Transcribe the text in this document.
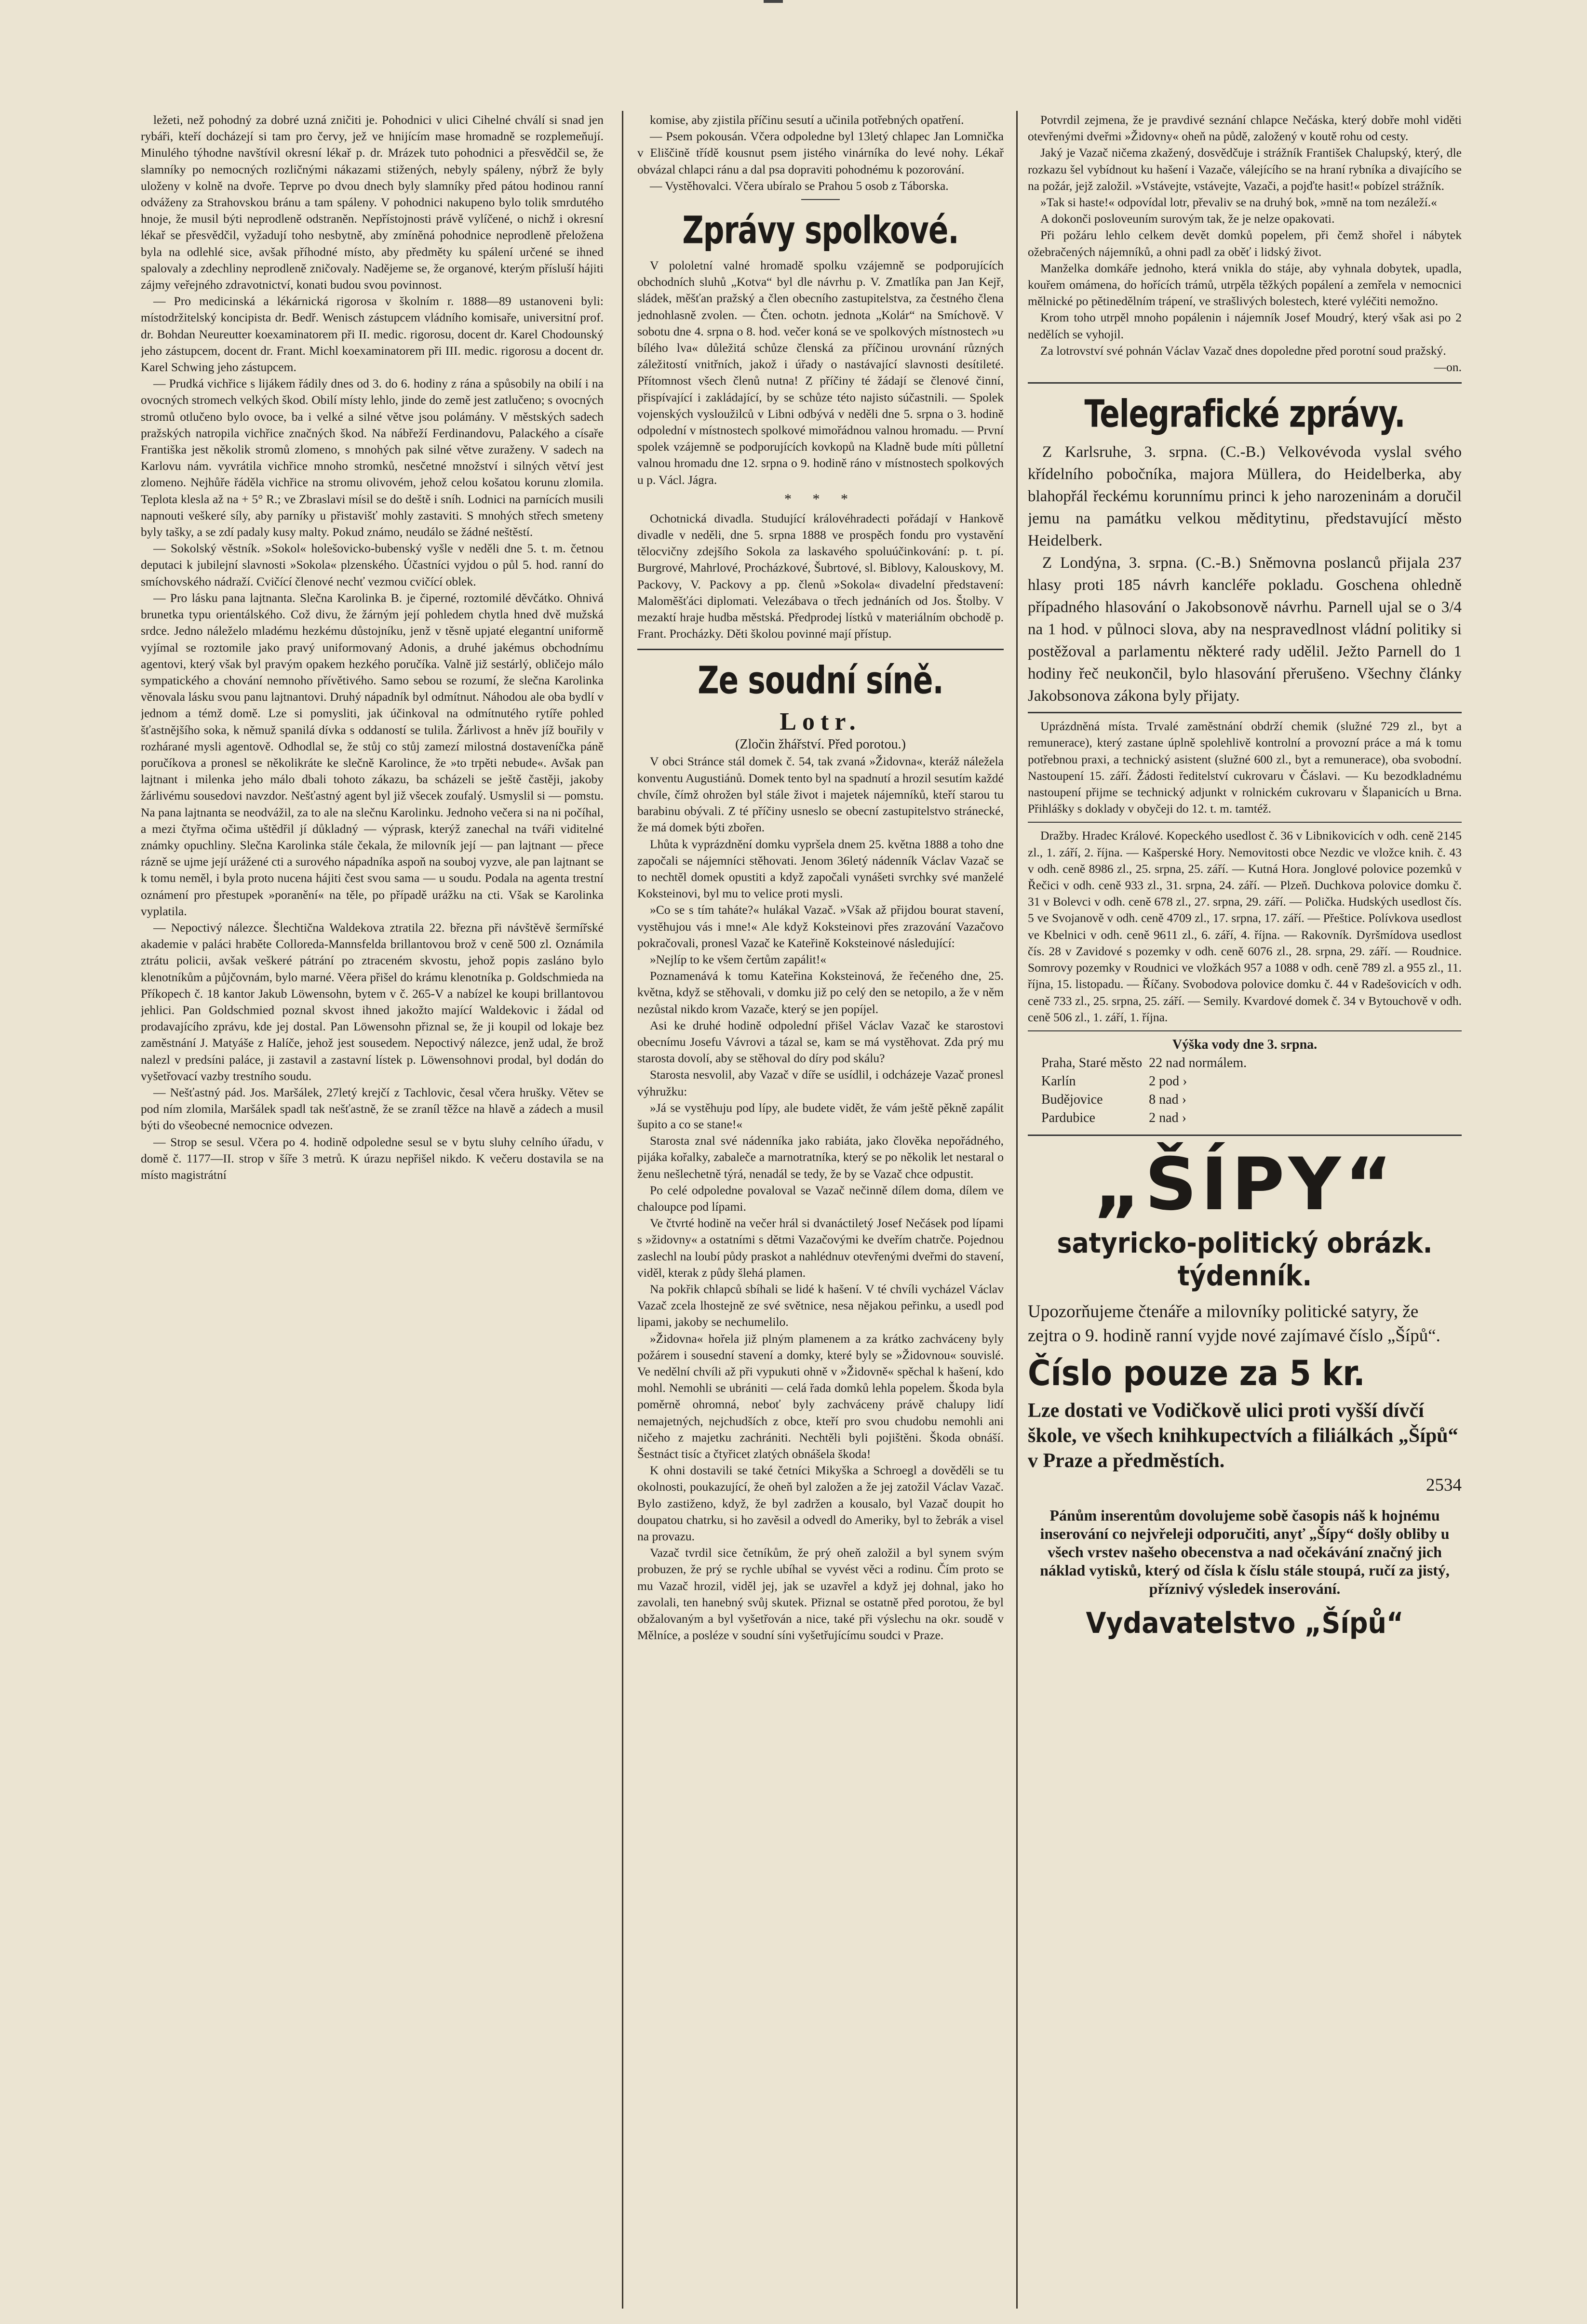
ležeti, než pohodný za dobré uzná zničiti je. Pohodnici v ulici Cihelné chválí si snad jen rybáři, kteří docházejí si tam pro červy, jež ve hnijícím mase hromadně se rozplemeňují. Minulého týhodne navštívil okresní lékař p. dr. Mrázek tuto pohodnici a přesvědčil se, že slamníky po nemocných rozličnými nákazami stižených, nebyly spáleny, nýbrž že byly uloženy v kolně na dvoře. Teprve po dvou dnech byly slamníky před pátou hodinou ranní odváženy za Strahovskou bránu a tam spáleny. V pohodnici nakupeno bylo tolik smrdutého hnoje, že musil býti neprodleně odstraněn. Nepřístojnosti právě vylíčené, o nichž i okresní lékař se přesvědčil, vyžadují toho nesbytně, aby zmíněná pohodnice neprodleně přeložena byla na odlehlé sice, avšak příhodné místo, aby předměty ku spálení určené se ihned spalovaly a zdechliny neprodleně zničovaly. Nadějeme se, že organové, kterým přísluší hájiti zájmy veřejného zdravotnictví, konati budou svou povinnost.

— Pro medicinská a lékárnická rigorosa v školním r. 1888—89 ustanoveni byli: místodržitelský koncipista dr. Bedř. Wenisch zástupcem vládního komisaře, universitní prof. dr. Bohdan Neureutter koexaminatorem při II. medic. rigorosu, docent dr. Karel Chodounský jeho zástupcem, docent dr. Frant. Michl koexaminatorem při III. medic. rigorosu a docent dr. Karel Schwing jeho zástupcem.

— Prudká vichřice s lijákem řádily dnes od 3. do 6. hodiny z rána a spůsobily na obilí i na ovocných stromech velkých škod. Obilí místy lehlo, jinde do země jest zatlučeno; s ovocných stromů otlučeno bylo ovoce, ba i velké a silné větve jsou polámány. V městských sadech pražských natropila vichřice značných škod. Na nábřeží Ferdinandovu, Palackého a císaře Františka jest několik stromů zlomeno, s mnohých pak silné větve zuraženy. V sadech na Karlovu nám. vyvrátila vichřice mnoho stromků, nesčetné množství i silných větví jest zlomeno. Nejhůře řáděla vichřice na stromu olivovém, jehož celou košatou korunu zlomila. Teplota klesla až na + 5° R.; ve Zbraslavi mísil se do deště i sníh. Lodnici na parnících musili napnouti veškeré síly, aby parníky u přistavišť mohly zastaviti. S mnohých střech smeteny byly tašky, a se zdí padaly kusy malty. Pokud známo, neudálo se žádné neštěstí.

— Sokolský věstník. »Sokol« holešovicko-bubenský vyšle v neděli dne 5. t. m. četnou deputaci k jubilejní slavnosti »Sokola« plzenského. Účastníci vyjdou o půl 5. hod. ranní do smíchovského nádraží. Cvičící členové nechť vezmou cvičící oblek.

— Pro lásku pana lajtnanta. Slečna Karolinka B. je čiperné, roztomilé děvčátko. Ohnivá brunetka typu orientálského. Což divu, že žárným její pohledem chytla hned dvě mužská srdce. Jedno náleželo mladému hezkému důstojníku, jenž v těsně upjaté elegantní uniformě vyjímal se roztomile jako pravý uniformovaný Adonis, a druhé jakémus obchodnímu agentovi, který však byl pravým opakem hezkého poručíka. Valně již sestárlý, obličejo málo sympatického a chování nemnoho přívětivého. Samo sebou se rozumí, že slečna Karolinka věnovala lásku svou panu lajtnantovi. Druhý nápadník byl odmítnut. Náhodou ale oba bydlí v jednom a témž domě. Lze si pomysliti, jak účinkoval na odmítnutého rytíře pohled šťastnějšího soka, k němuž spanilá dívka s oddaností se tulila. Žárlivost a hněv jíž bouřily v rozhárané mysli agentově. Odhodlal se, že stůj co stůj zamezí milostná dostaveníčka páně poručíkova a pronesl se několikráte ke slečně Karolince, že »to trpěti nebude«. Avšak pan lajtnant i milenka jeho málo dbali tohoto zákazu, ba scházeli se ještě častěji, jakoby žárlivému sousedovi navzdor. Nešťastný agent byl již všecek zoufalý. Usmyslil si — pomstu. Na pana lajtnanta se neodvážil, za to ale na slečnu Karolinku. Jednoho večera si na ni počíhal, a mezi čtyřma očima uštědřil jí důkladný — výprask, kterýž zanechal na tváři viditelné známky opuchliny. Slečna Karolinka stále čekala, že milovník její — pan lajtnant — přece rázně se ujme její urážené cti a surového nápadníka aspoň na souboj vyzve, ale pan lajtnant se k tomu neměl, i byla proto nucena hájiti čest svou sama — u soudu. Podala na agenta trestní oznámení pro přestupek »poranění« na těle, po případě urážku na cti. Však se Karolinka vyplatila.

— Nepoctivý nálezce. Šlechtična Waldekova ztratila 22. března při návštěvě šermířské akademie v paláci hraběte Colloreda-Mannsfelda brillantovou brož v ceně 500 zl. Oznámila ztrátu policii, avšak veškeré pátrání po ztraceném skvostu, jehož popis zasláno bylo klenotníkům a půjčovnám, bylo marné. Věera přišel do krámu klenotníka p. Goldschmieda na Příkopech č. 18 kantor Jakub Löwensohn, bytem v č. 265-V a nabízel ke koupi brillantovou jehlici. Pan Goldschmied poznal skvost ihned jakožto mající Waldekovic i žádal od prodavajícího zprávu, kde jej dostal. Pan Löwensohn přiznal se, že ji koupil od lokaje bez zaměstnání J. Matyáše z Halíče, jehož jest sousedem. Nepoctivý nálezce, jenž udal, že brož nalezl v predsíni paláce, ji zastavil a zastavní lístek p. Löwensohnovi prodal, byl dodán do vyšetřovací vazby trestního soudu.

— Nešťastný pád. Jos. Maršálek, 27letý krejčí z Tachlovic, česal včera hrušky. Větev se pod ním zlomila, Maršálek spadl tak nešťastně, že se zraníl těžce na hlavě a zádech a musil býti do všeobecné nemocnice odvezen.

— Strop se sesul. Včera po 4. hodině odpoledne sesul se v bytu sluhy celního úřadu, v domě č. 1177—II. strop v šíře 3 metrů. K úrazu nepřišel nikdo. K večeru dostavila se na místo magistrátní

komise, aby zjistila příčinu sesutí a učinila potřebných opatření.

— Psem pokousán. Včera odpoledne byl 13letý chlapec Jan Lomnička v Eliščině třídě kousnut psem jistého vinárníka do levé nohy. Lékař obvázal chlapci ránu a dal psa dopraviti pohodnému k pozorování.

— Vystěhovalci. Včera ubíralo se Prahou 5 osob z Táborska.

Zprávy spolkové.

V pololetní valné hromadě spolku vzájemně se podporujících obchodních sluhů „Kotva“ byl dle návrhu p. V. Zmatlíka pan Jan Kejř, sládek, měšťan pražský a člen obecního zastupitelstva, za čestného člena jednohlasně zvolen. — Čten. ochotn. jednota „Kolár“ na Smíchově. V sobotu dne 4. srpna o 8. hod. večer koná se ve spolkových místnostech »u bílého lva« důležitá schůze členská za příčinou urovnání různých záležitostí vnitřních, jakož i úřady o nastávající slavnosti desítileté. Přítomnost všech členů nutna! Z příčiny té žádají se členové činní, přispívající i zakládající, by se schůze této najisto súčastnili. — Spolek vojenských vysloužilců v Libni odbývá v neděli dne 5. srpna o 3. hodině odpolední v místnostech spolkové mimořádnou valnou hromadu. — První spolek vzájemně se podporujících kovkopů na Kladně bude míti půlletní valnou hromadu dne 12. srpna o 9. hodině ráno v místnostech spolkových u p. Václ. Jágra.

* * *

Ochotnická divadla. Studující královéhradecti pořádají v Hankově divadle v neděli, dne 5. srpna 1888 ve prospěch fondu pro vystavění tělocvičny zdejšího Sokola za laskavého spoluúčinkování: p. t. pí. Burgrové, Mahrlové, Procházkové, Šubrtové, sl. Biblovy, Kalouskovy, M. Packovy, V. Packovy a pp. členů »Sokola« divadelní představení: Maloměšťáci diplomati. Velezábava o třech jednáních od Jos. Štolby. V mezaktí hraje hudba městská. Předprodej lístků v materiálním obchodě p. Frant. Procházky. Děti školou povinné mají přístup.

Ze soudní síně.

Lotr.

(Zločin žhářství. Před porotou.)

V obci Stránce stál domek č. 54, tak zvaná »Židovna«, kteráž náležela konventu Augustiánů. Domek tento byl na spadnutí a hrozil sesutím každé chvíle, čímž ohrožen byl stále život i majetek nájemníků, kteří starou tu barabinu obývali. Z té příčiny usneslo se obecní zastupitelstvo stránecké, že má domek býti zbořen.

Lhůta k vyprázdnění domku vypršela dnem 25. května 1888 a toho dne započali se nájemníci stěhovati. Jenom 36letý nádenník Václav Vazač se to nechtěl domek opustiti a když započali vynášeti svrchky své manželé Koksteinovi, byl mu to velice proti mysli.

»Co se s tím taháte?« hulákal Vazač. »Však až přijdou bourat stavení, vystěhujou vás i mne!« Ale když Koksteinovi přes zrazování Vazačovo pokračovali, pronesl Vazač ke Kateřině Koksteinové následující:

»Nejlíp to ke všem čertům zapálit!«

Poznamenává k tomu Kateřina Koksteinová, že řečeného dne, 25. května, když se stěhovali, v domku již po celý den se netopilo, a že v něm nezůstal nikdo krom Vazače, který se jen popíjel.

Asi ke druhé hodině odpolední přišel Václav Vazač ke starostovi obecnímu Josefu Vávrovi a tázal se, kam se má vystěhovat. Zda prý mu starosta dovolí, aby se stěhoval do díry pod skálu?

Starosta nesvolil, aby Vazač v díře se usídlil, i odcházeje Vazač pronesl výhružku:

»Já se vystěhuju pod lípy, ale budete vidět, že vám ještě pěkně zapálit šupito a co se stane!«

Starosta znal své nádenníka jako rabiáta, jako člověka nepořádného, pijáka kořalky, zabaleče a marnotratníka, který se po několik let nestaral o ženu nešlechetně týrá, nenadál se tedy, že by se Vazač chce odpustit.

Po celé odpoledne povaloval se Vazač nečinně dílem doma, dílem ve chaloupce pod lípami.

Ve čtvrté hodině na večer hrál si dvanáctiletý Josef Nečásek pod lípami s »židovny« a ostatními s dětmi Vazačovými ke dveřím chatrče. Pojednou zaslechl na loubí půdy praskot a nahlédnuv otevřenými dveřmi do stavení, viděl, kterak z půdy šlehá plamen.

Na pokřik chlapců sbíhali se lidé k hašení. V té chvíli vycházel Václav Vazač zcela lhostejně ze své světnice, nesa nějakou peřinku, a usedl pod lipami, jakoby se nechumelilo.

»Židovna« hořela již plným plamenem a za krátko zachváceny byly požárem i sousední stavení a domky, které byly se »Židovnou« souvislé. Ve nedělní chvíli až při vypukuti ohně v »Židovně« spěchal k hašení, kdo mohl. Nemohli se ubrániti — celá řada domků lehla popelem. Škoda byla poměrně ohromná, neboť byly zachváceny právě chalupy lidí nemajetných, nejchudších z obce, kteří pro svou chudobu nemohli ani ničeho z majetku zachrániti. Nechtěli byli pojištěni. Škoda obnáší. Šestnáct tisíc a čtyřicet zlatých obnášela škoda!

K ohni dostavili se také četníci Mikyška a Schroegl a dověděli se tu okolnosti, poukazující, že oheň byl založen a že jej zatožil Václav Vazač. Bylo zastiženo, když, že byl zadržen a kousalo, byl Vazač doupit ho doupatou chatrku, si ho zavěsil a odvedl do Ameriky, byl to žebrák a visel na provazu.

Vazač tvrdil sice četníkům, že prý oheň založil a byl synem svým probuzen, že prý se rychle ubíhal se vyvést věci a rodinu. Čím proto se mu Vazač hrozil, viděl jej, jak se uzavřel a když jej dohnal, jako ho zavolali, ten hanebný svůj skutek. Přiznal se ostatně před porotou, že byl obžalovaným a byl vyšetřován a nice, také při výslechu na okr. soudě v Mělníce, a posléze v soudní síni vyšetřujícímu soudci v Praze.

Potvrdil zejmena, že je pravdivé seznání chlapce Nečáska, který dobře mohl viděti otevřenými dveřmi »Židovny« oheň na půdě, založený v koutě rohu od cesty.

Jaký je Vazač ničema zkažený, dosvědčuje i strážník František Chalupský, který, dle rozkazu šel vybídnout ku hašení i Vazače, válejícího se na hraní rybníka a divajícího se na požár, jejž založil. »Vstávejte, vstávejte, Vazači, a pojďte hasit!« pobízel strážník.

»Tak si haste!« odpovídal lotr, převaliv se na druhý bok, »mně na tom nezáleží.«

A dokonči posloveuním surovým tak, že je nelze opakovati.

Při požáru lehlo celkem devět domků popelem, při čemž shořel i nábytek ožebračených nájemníků, a ohni padl za oběť i lidský život.

Manželka domkáře jednoho, která vnikla do stáje, aby vyhnala dobytek, upadla, kouřem omámena, do hořících trámů, utrpěla těžkých popálení a zemřela v nemocnici mělnické po pětinedělním trápení, ve strašlivých bolestech, které vyléčiti nemožno.

Krom toho utrpěl mnoho popálenin i nájemník Josef Moudrý, který však asi po 2 nedělích se vyhojil.

Za lotrovství své pohnán Václav Vazač dnes dopoledne před porotní soud pražský.

—on.

Telegrafické zprávy.

Z Karlsruhe, 3. srpna. (C.-B.) Velkovévoda vyslal svého křídelního pobočníka, majora Müllera, do Heidelberka, aby blahopřál řeckému korunnímu princi k jeho narozeninám a doručil jemu na památku velkou měditytinu, představující město Heidelberk.

Z Londýna, 3. srpna. (C.-B.) Sněmovna poslanců přijala 237 hlasy proti 185 návrh kancléře pokladu. Goschena ohledně případného hlasování o Jakobsonově návrhu. Parnell ujal se o 3/4 na 1 hod. v půlnoci slova, aby na nespravedlnost vládní politiky si postěžoval a parlamentu některé rady udělil. Ježto Parnell do 1 hodiny řeč neukončil, bylo hlasování přerušeno. Všechny články Jakobsonova zákona byly přijaty.

Uprázdněná místa. Trvalé zaměstnání obdrží chemik (služné 729 zl., byt a remunerace), který zastane úplně spolehlivě kontrolní a provozní práce a má k tomu potřebnou praxi, a technický asistent (služné 600 zl., byt a remunerace), oba svobodní. Nastoupení 15. září. Žádosti ředitelství cukrovaru v Čáslavi. — Ku bezodkladnému nastoupení přijme se technický adjunkt v rolnickém cukrovaru v Šlapanicích u Brna. Přihlášky s doklady v obyčeji do 12. t. m. tamtéž.

Dražby. Hradec Králové. Kopeckého usedlost č. 36 v Libnikovicích v odh. ceně 2145 zl., 1. září, 2. října. — Kašperské Hory. Nemovitosti obce Nezdic ve vložce knih. č. 43 v odh. ceně 8986 zl., 25. srpna, 25. září. — Kutná Hora. Jonglové polovice pozemků v Řečici v odh. ceně 933 zl., 31. srpna, 24. září. — Plzeň. Duchkova polovice domku č. 31 v Bolevci v odh. ceně 678 zl., 27. srpna, 29. září. — Polička. Hudských usedlost čís. 5 ve Svojanově v odh. ceně 4709 zl., 17. srpna, 17. září. — Přeštice. Polívkova usedlost ve Kbelnici v odh. ceně 9611 zl., 6. září, 4. října. — Rakovník. Dyršmídova usedlost čís. 28 v Zavidové s pozemky v odh. ceně 6076 zl., 28. srpna, 29. září. — Roudnice. Somrovy pozemky v Roudnici ve vložkách 957 a 1088 v odh. ceně 789 zl. a 955 zl., 11. října, 15. listopadu. — Říčany. Svobodova polovice domku č. 44 v Radešovicích v odh. ceně 733 zl., 25. srpna, 25. září. — Semily. Kvardové domek č. 34 v Bytouchově v odh. ceně 506 zl., 1. září, 1. října.

Výška vody dne 3. srpna.

Praha, Staré město	22 nad normálem.
Karlín	2 pod ›
Budějovice	8 nad ›
Pardubice	2 nad ›

„ŠÍPY“

satyricko-politický obrázk. týdenník.

Upozorňujeme čtenáře a milovníky politické satyry, že zejtra o 9. hodině ranní vyjde nové zajímavé číslo „Šípů“.

Číslo pouze za 5 kr.

Lze dostati ve Vodičkově ulici proti vyšší dívčí škole, ve všech knihkupectvích a filiálkách „Šípů“ v Praze a předměstích.

2534

Pánům inserentům dovolujeme sobě časopis náš k hojnému inserování co nejvřeleji odporučiti, anyť „Šípy“ došly obliby u všech vrstev našeho obecenstva a nad očekávání značný jich náklad vytisků, který od čísla k číslu stále stoupá, ručí za jistý, příznivý výsledek inserování.

Vydavatelstvo „Šípů“
